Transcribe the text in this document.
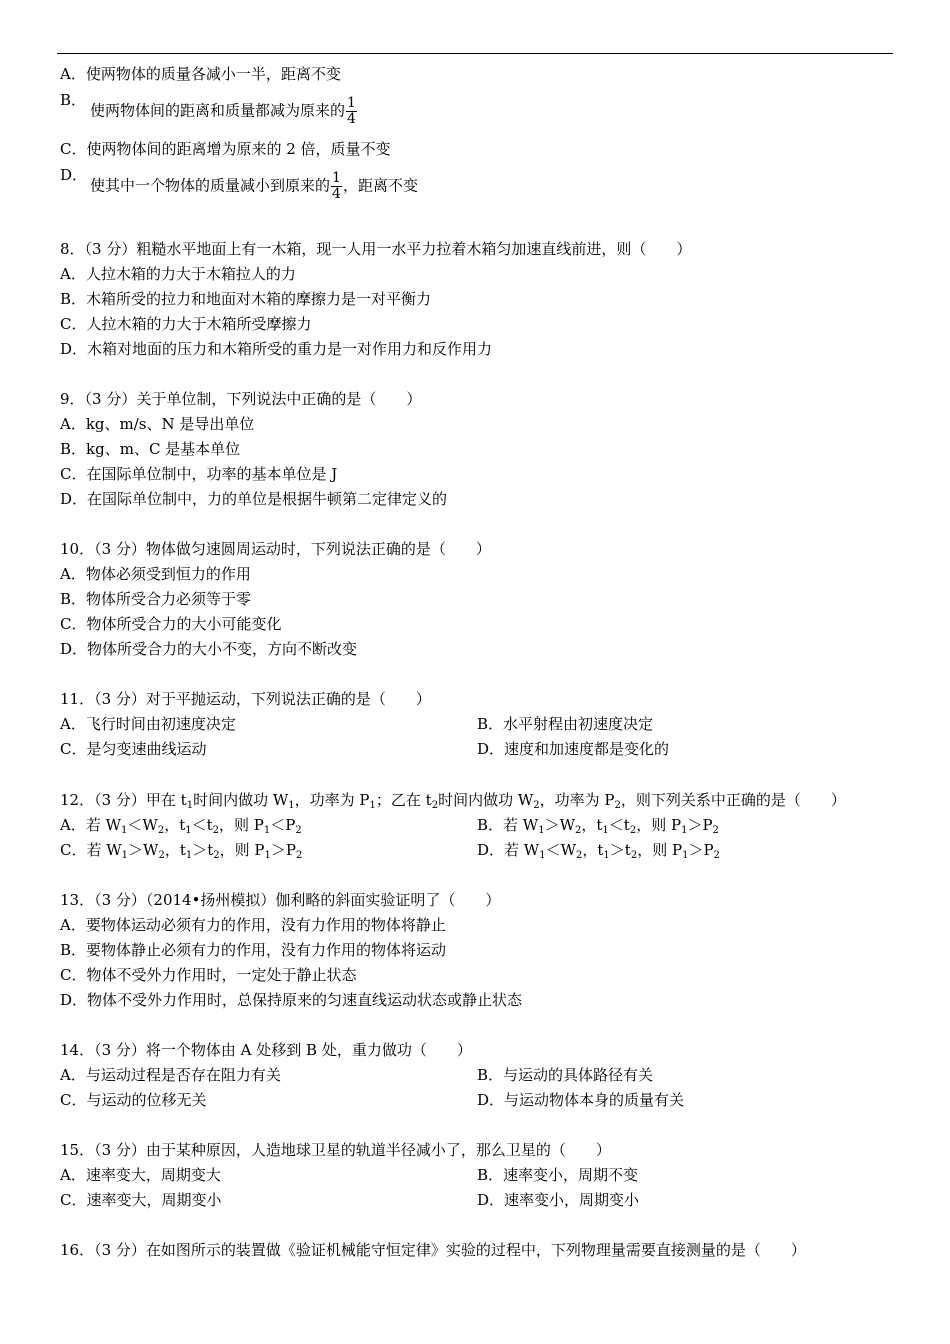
A．使两物体的质量各减小一半，距离不变
B．
使两物体间的距离和质量都减为原来的 $\frac{1}{4}$
C．使两物体间的距离增为原来的 2 倍，质量不变
D．
使其中一个物体的质量减小到原来的 $\frac{1}{4}$ ，距离不变
8．（3 分）粗糙水平地面上有一木箱，现一人用一水平力拉着木箱匀加速直线前进，则（　　）
A．人拉木箱的力大于木箱拉人的力
B．木箱所受的拉力和地面对木箱的摩擦力是一对平衡力
C．人拉木箱的力大于木箱所受摩擦力
D．木箱对地面的压力和木箱所受的重力是一对作用力和反作用力
9．（3 分）关于单位制，下列说法中正确的是（　　）
A．kg、m/s、N 是导出单位
B．kg、m、C 是基本单位
C．在国际单位制中，功率的基本单位是 J
D．在国际单位制中，力的单位是根据牛顿第二定律定义的
10．（3 分）物体做匀速圆周运动时，下列说法正确的是（　　）
A．物体必须受到恒力的作用
B．物体所受合力必须等于零
C．物体所受合力的大小可能变化
D．物体所受合力的大小不变，方向不断改变
11．（3 分）对于平抛运动，下列说法正确的是（　　）
A．飞行时间由初速度决定	B．水平射程由初速度决定
C．是匀变速曲线运动	D．速度和加速度都是变化的
12．（3 分）甲在 $t_1$时间内做功 $W_1$，功率为 $P_1$；乙在 $t_2$时间内做功 $W_2$，功率为 $P_2$，则下列关系中正确的是（　　）
A．若 $W_1<W_2$，$t_1<t_2$，则 $P_1<P_2$	B．若 $W_1>W_2$，$t_1<t_2$，则 $P_1>P_2$
C．若 $W_1>W_2$，$t_1>t_2$，则 $P_1>P_2$	D．若 $W_1<W_2$，$t_1>t_2$，则 $P_1>P_2$
13．（3 分）（2014•扬州模拟）伽利略的斜面实验证明了（　　）
A．要物体运动必须有力的作用，没有力作用的物体将静止
B．要物体静止必须有力的作用，没有力作用的物体将运动
C．物体不受外力作用时，一定处于静止状态
D．物体不受外力作用时，总保持原来的匀速直线运动状态或静止状态
14．（3 分）将一个物体由 A 处移到 B 处，重力做功（　　）
A．与运动过程是否存在阻力有关	B．与运动的具体路径有关
C．与运动的位移无关	D．与运动物体本身的质量有关
15．（3 分）由于某种原因，人造地球卫星的轨道半径减小了，那么卫星的（　　）
A．速率变大，周期变大	B．速率变小，周期不变
C．速率变大，周期变小	D．速率变小，周期变小
16．（3 分）在如图所示的装置做《验证机械能守恒定律》实验的过程中，下列物理量需要直接测量的是（　　）
